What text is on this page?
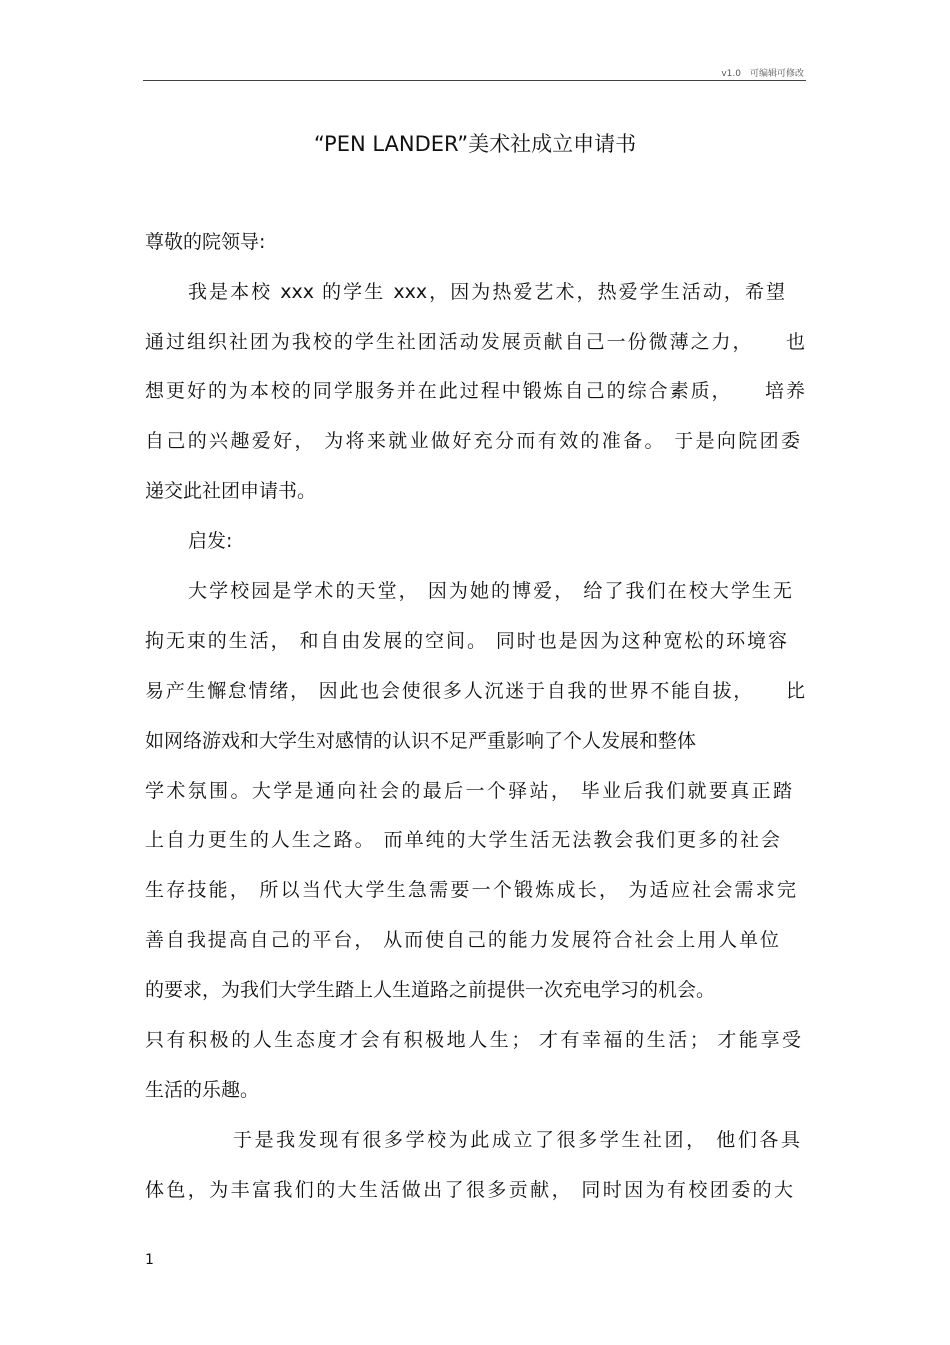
v1.0　可编辑可修改
“PEN LANDER”美术社成立申请书
尊敬的院领导:
我是本校 xxx 的学生 xxx，因为热爱艺术，热爱学生活动，希望
通过组织社团为我校的学生社团活动发展贡献自己一份微薄之力，　　也
想更好的为本校的同学服务并在此过程中锻炼自己的综合素质，　　培养
自己的兴趣爱好， 为将来就业做好充分而有效的准备。 于是向院团委
递交此社团申请书。
启发:
大学校园是学术的天堂， 因为她的博爱， 给了我们在校大学生无
拘无束的生活， 和自由发展的空间。 同时也是因为这种宽松的环境容
易产生懈怠情绪， 因此也会使很多人沉迷于自我的世界不能自拔，　　比
如网络游戏和大学生对感情的认识不足严重影响了个人发展和整体
学术氛围。大学是通向社会的最后一个驿站， 毕业后我们就要真正踏
上自力更生的人生之路。 而单纯的大学生活无法教会我们更多的社会
生存技能， 所以当代大学生急需要一个锻炼成长， 为适应社会需求完
善自我提高自己的平台， 从而使自己的能力发展符合社会上用人单位
的要求，为我们大学生踏上人生道路之前提供一次充电学习的机会。
只有积极的人生态度才会有积极地人生； 才有幸福的生活； 才能享受
生活的乐趣。
于是我发现有很多学校为此成立了很多学生社团， 他们各具
体色，为丰富我们的大生活做出了很多贡献， 同时因为有校团委的大
1
